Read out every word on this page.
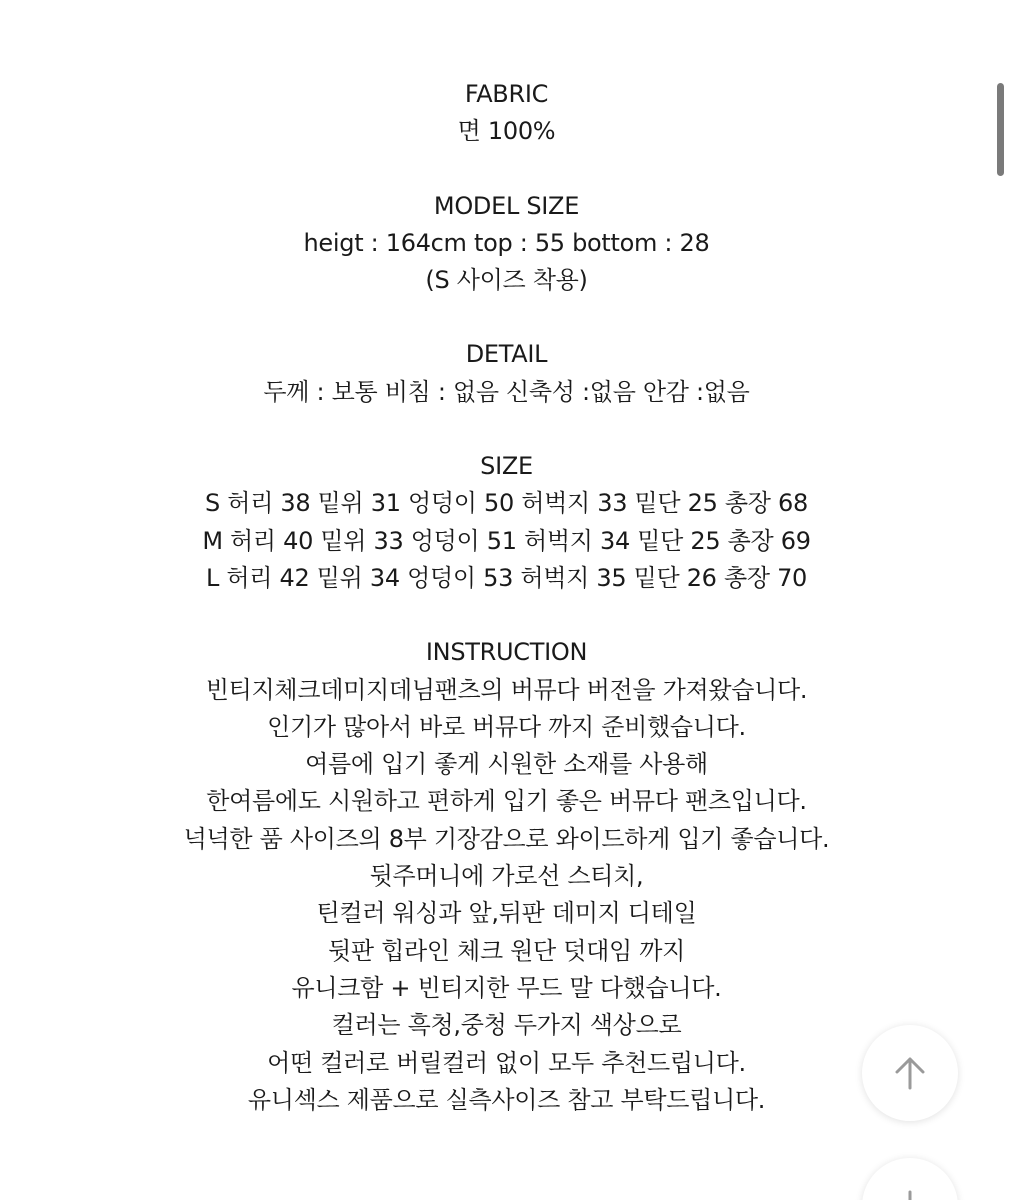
FABRIC
면 100%
MODEL SIZE
heigt : 164cm top : 55 bottom : 28
(S 사이즈 착용)
DETAIL
두께 : 보통 비침 : 없음 신축성 :없음 안감 :없음
SIZE
S 허리 38 밑위 31 엉덩이 50 허벅지 33 밑단 25 총장 68
M 허리 40 밑위 33 엉덩이 51 허벅지 34 밑단 25 총장 69
L 허리 42 밑위 34 엉덩이 53 허벅지 35 밑단 26 총장 70
INSTRUCTION
빈티지체크데미지데님팬츠의 버뮤다 버전을 가져왔습니다.
인기가 많아서 바로 버뮤다 까지 준비했습니다.
여름에 입기 좋게 시원한 소재를 사용해
한여름에도 시원하고 편하게 입기 좋은 버뮤다 팬츠입니다.
넉넉한 품 사이즈의 8부 기장감으로 와이드하게 입기 좋습니다.
뒷주머니에 가로선 스티치,
틴컬러 워싱과 앞,뒤판 데미지 디테일
뒷판 힙라인 체크 원단 덧대임 까지
유니크함 + 빈티지한 무드 말 다했습니다.
컬러는 흑청,중청 두가지 색상으로
어떤 컬러로 버릴컬러 없이 모두 추천드립니다.
유니섹스 제품으로 실측사이즈 참고 부탁드립니다.
